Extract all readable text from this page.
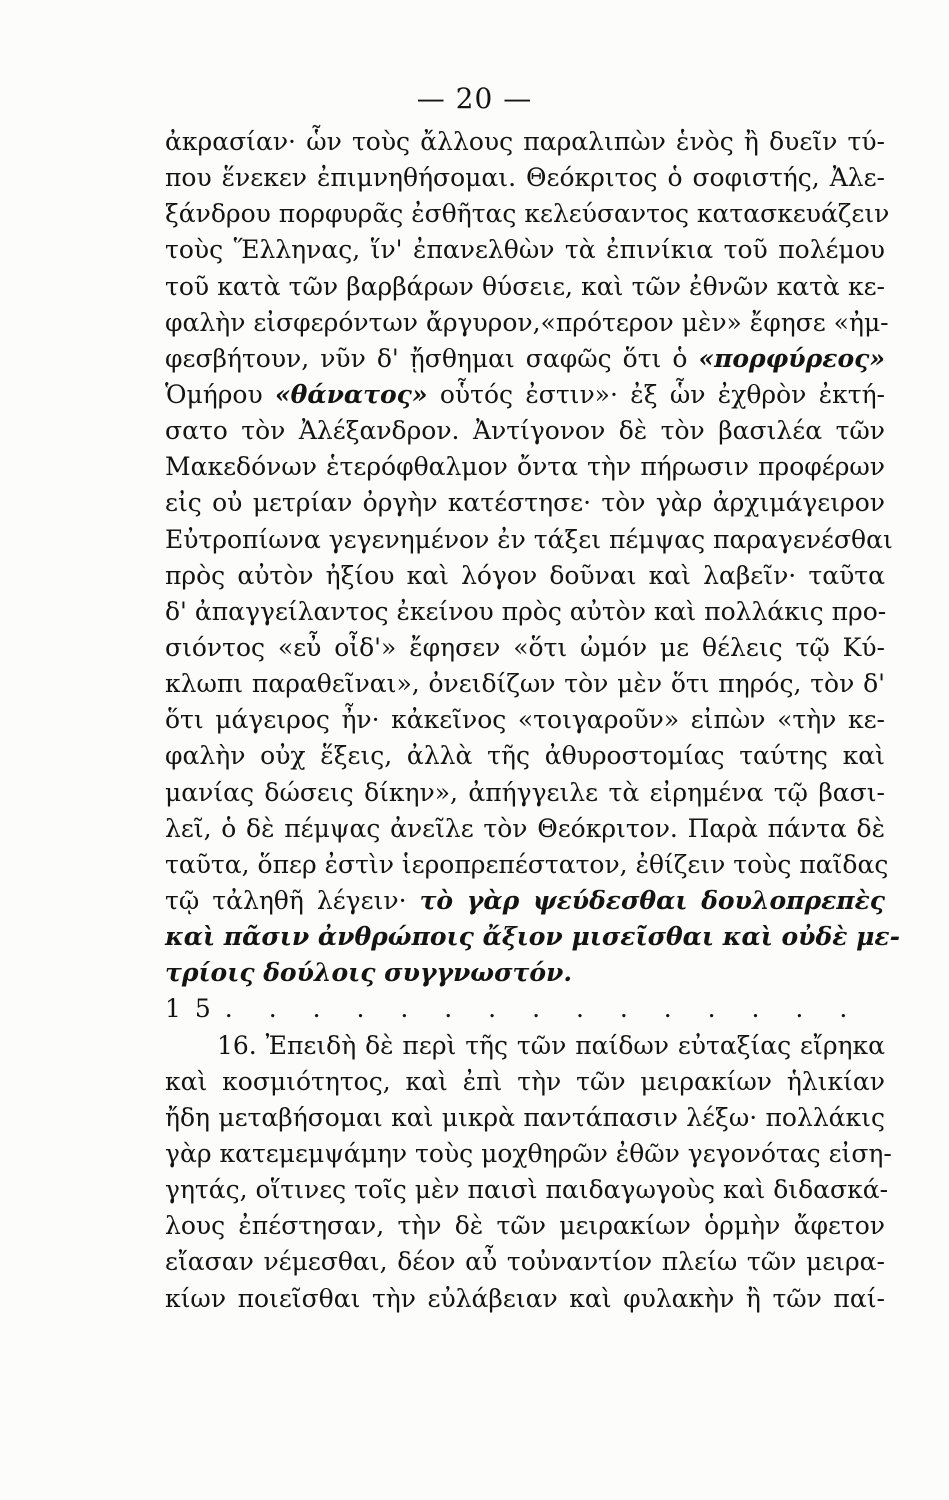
— 20 —
ἀκρασίαν· ὧν τοὺς ἄλλους παραλιπὼν ἑνὸς ἢ δυεῖν τύ-
που ἕνεκεν ἐπιμνηθήσομαι. Θεόκριτος ὁ σοφιστής, Ἀλε-
ξάνδρου πορφυρᾶς ἐσθῆτας κελεύσαντος κατασκευάζειν
τοὺς Ἕλληνας, ἵν' ἐπανελθὼν τὰ ἐπινίκια τοῦ πολέμου
τοῦ κατὰ τῶν βαρβάρων θύσειε, καὶ τῶν ἐθνῶν κατὰ κε-
φαλὴν εἰσφερόντων ἄργυρον,«πρότερον μὲν» ἔφησε «ἠμ-
φεσβήτουν, νῦν δ' ᾔσθημαι σαφῶς ὅτι ὁ «πορφύρεος»
Ὁμήρου «θάνατος» οὗτός ἐστιν»· ἐξ ὧν ἐχθρὸν ἐκτή-
σατο τὸν Ἀλέξανδρον. Ἀντίγονον δὲ τὸν βασιλέα τῶν
Μακεδόνων ἑτερόφθαλμον ὄντα τὴν πήρωσιν προφέρων
εἰς οὐ μετρίαν ὀργὴν κατέστησε· τὸν γὰρ ἀρχιμάγειρον
Εὐτροπίωνα γεγενημένον ἐν τάξει πέμψας παραγενέσθαι
πρὸς αὐτὸν ἠξίου καὶ λόγον δοῦναι καὶ λαβεῖν· ταῦτα
δ' ἀπαγγείλαντος ἐκείνου πρὸς αὐτὸν καὶ πολλάκις προ-
σιόντος «εὖ οἶδ'» ἔφησεν «ὅτι ὠμόν με θέλεις τῷ Κύ-
κλωπι παραθεῖναι», ὀνειδίζων τὸν μὲν ὅτι πηρός, τὸν δ'
ὅτι μάγειρος ἦν· κἀκεῖνος «τοιγαροῦν» εἰπὼν «τὴν κε-
φαλὴν οὐχ ἕξεις, ἀλλὰ τῆς ἀθυροστομίας ταύτης καὶ
μανίας δώσεις δίκην», ἀπήγγειλε τὰ εἰρημένα τῷ βασι-
λεῖ, ὁ δὲ πέμψας ἀνεῖλε τὸν Θεόκριτον. Παρὰ πάντα δὲ
ταῦτα, ὅπερ ἐστὶν ἱεροπρεπέστατον, ἐθίζειν τοὺς παῖδας
τῷ τἀληθῆ λέγειν· τὸ γὰρ ψεύδεσθαι δουλοπρεπὲς
καὶ πᾶσιν ἀνθρώποις ἄξιον μισεῖσθαι καὶ οὐδὲ με-
τρίοις δούλοις συγγνωστόν.
15. . . . . . . . . . . . . . .
16. Ἐπειδὴ δὲ περὶ τῆς τῶν παίδων εὐταξίας εἴρηκα
καὶ κοσμιότητος, καὶ ἐπὶ τὴν τῶν μειρακίων ἡλικίαν
ἤδη μεταβήσομαι καὶ μικρὰ παντάπασιν λέξω· πολλάκις
γὰρ κατεμεμψάμην τοὺς μοχθηρῶν ἐθῶν γεγονότας εἰση-
γητάς, οἵτινες τοῖς μὲν παισὶ παιδαγωγοὺς καὶ διδασκά-
λους ἐπέστησαν, τὴν δὲ τῶν μειρακίων ὁρμὴν ἄφετον
εἴασαν νέμεσθαι, δέον αὖ τοὐναντίον πλείω τῶν μειρα-
κίων ποιεῖσθαι τὴν εὐλάβειαν καὶ φυλακὴν ἢ τῶν παί-
